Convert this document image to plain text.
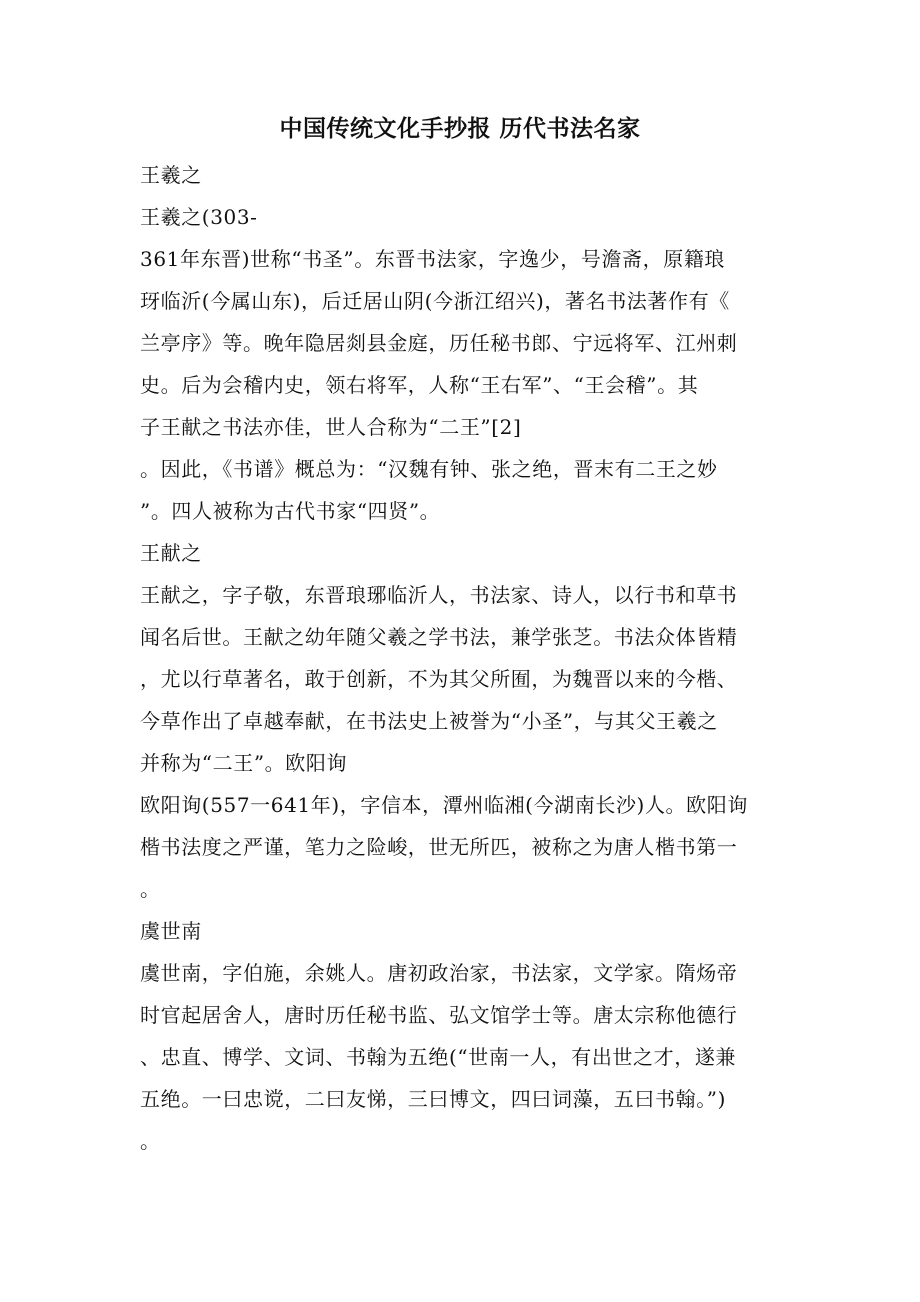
中国传统文化手抄报 历代书法名家
王羲之
王羲之(303-
361年东晋)世称“书圣”。东晋书法家，字逸少，号澹斋，原籍琅
玡临沂(今属山东)，后迁居山阴(今浙江绍兴)，著名书法著作有《
兰亭序》等。晚年隐居剡县金庭，历任秘书郎、宁远将军、江州刺
史。后为会稽内史，领右将军，人称“王右军”、“王会稽”。其
子王献之书法亦佳，世人合称为“二王”[2]
。因此，《书谱》概总为：“汉魏有钟、张之绝，晋末有二王之妙
”。四人被称为古代书家“四贤”。
王献之
王献之，字子敬，东晋琅琊临沂人，书法家、诗人，以行书和草书
闻名后世。王献之幼年随父羲之学书法，兼学张芝。书法众体皆精
，尤以行草著名，敢于创新，不为其父所囿，为魏晋以来的今楷、
今草作出了卓越奉献，在书法史上被誉为“小圣”，与其父王羲之
并称为“二王”。欧阳询
欧阳询(557一641年)，字信本，潭州临湘(今湖南长沙)人。欧阳询
楷书法度之严谨，笔力之险峻，世无所匹，被称之为唐人楷书第一
。
虞世南
虞世南，字伯施，余姚人。唐初政治家，书法家，文学家。隋炀帝
时官起居舍人，唐时历任秘书监、弘文馆学士等。唐太宗称他德行
、忠直、博学、文词、书翰为五绝(“世南一人，有出世之才，遂兼
五绝。一曰忠谠，二曰友悌，三曰博文，四曰词藻，五曰书翰。”)
。
